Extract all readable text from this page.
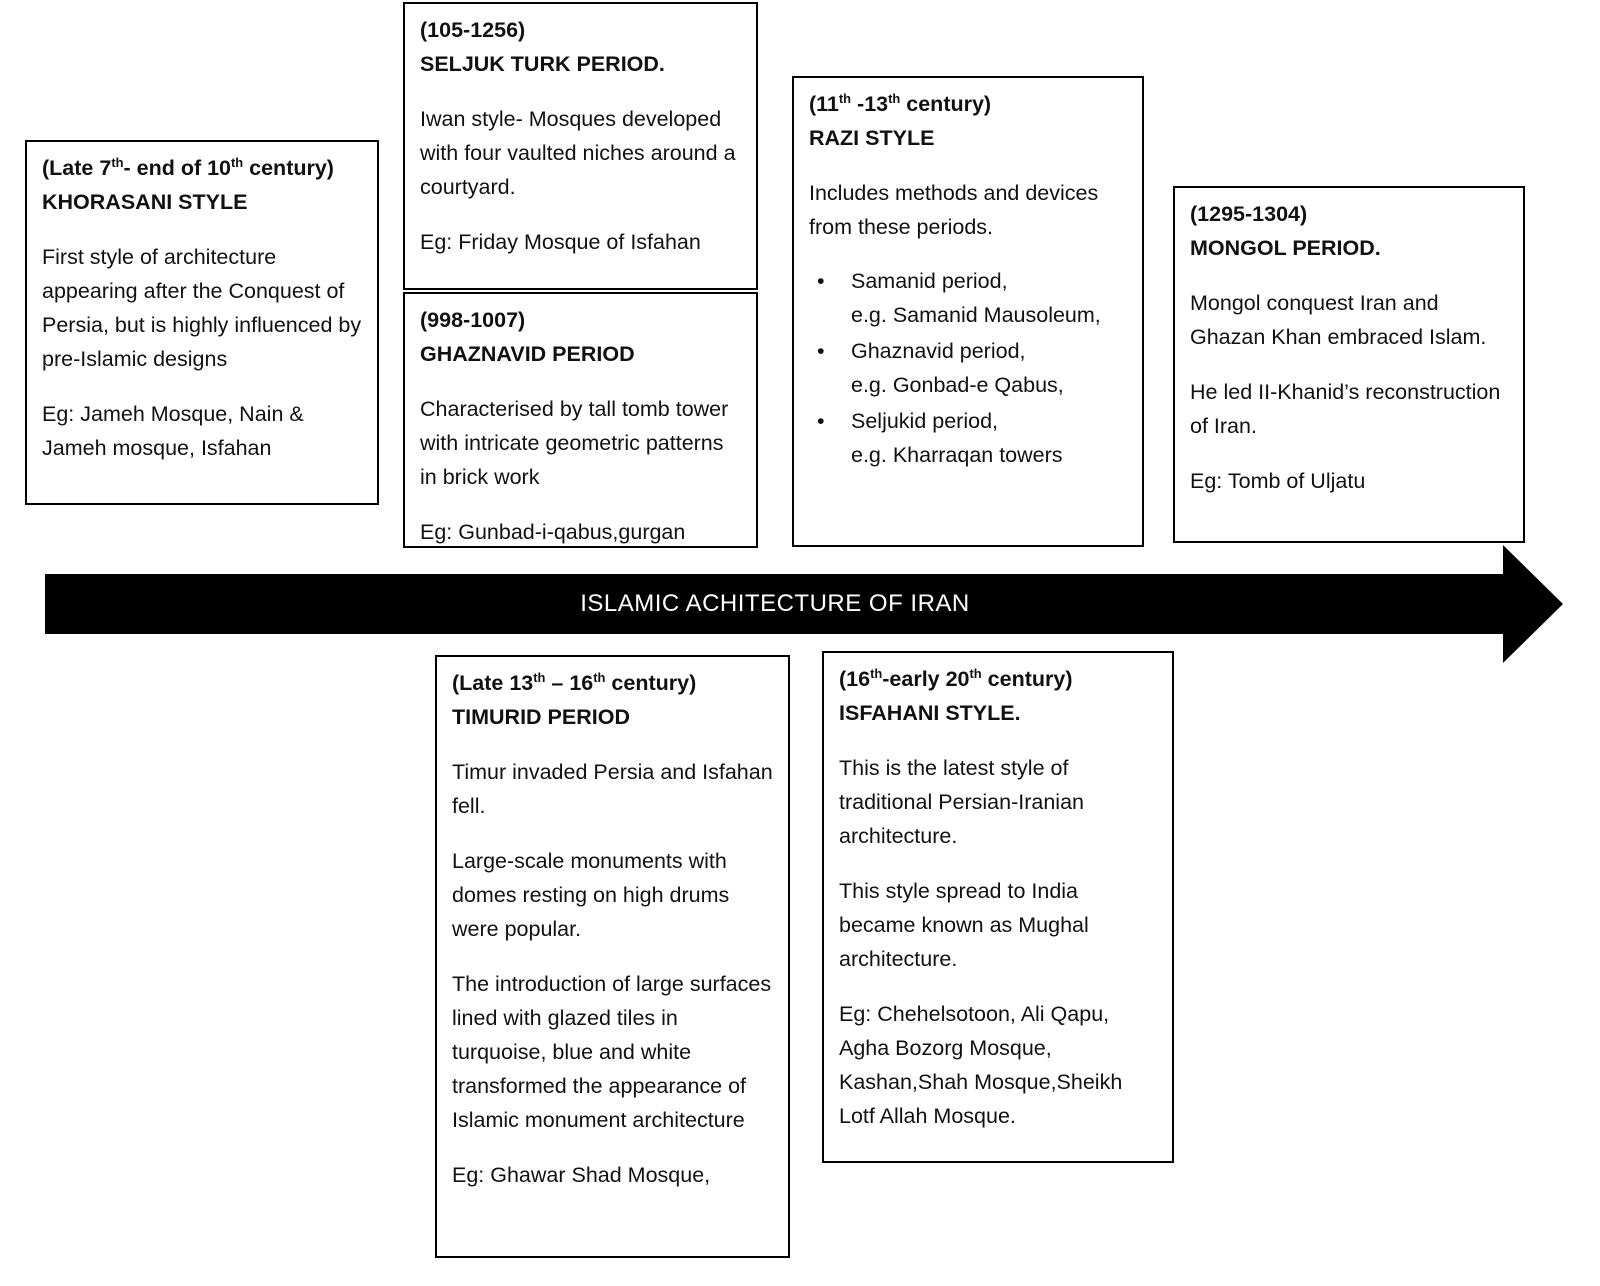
(Late 7th- end of 10th century)

KHORASANI STYLE

First style of architecture appearing after the Conquest of Persia, but is highly influenced by pre-Islamic designs

Eg: Jameh Mosque, Nain & Jameh mosque, Isfahan

(105-1256)

SELJUK TURK PERIOD.

Iwan style- Mosques developed with four vaulted niches around a courtyard.

Eg: Friday Mosque of Isfahan

(998-1007)

GHAZNAVID PERIOD

Characterised by tall tomb tower with intricate geometric patterns in brick work

Eg: Gunbad-i-qabus,gurgan

(11th -13th century)

RAZI STYLE

Includes methods and devices from these periods.

•	Samanid period,
e.g. Samanid Mausoleum,
•	Ghaznavid period,
e.g. Gonbad-e Qabus,
•	Seljukid period,
e.g. Kharraqan towers

(1295-1304)

MONGOL PERIOD.

Mongol conquest Iran and Ghazan Khan embraced Islam.

He led II-Khanid’s reconstruction of Iran.

Eg: Tomb of Uljatu

ISLAMIC ACHITECTURE OF IRAN

(Late 13th – 16th century)

TIMURID PERIOD

Timur invaded Persia and Isfahan fell.

Large-scale monuments with domes resting on high drums were popular.

The introduction of large surfaces lined with glazed tiles in turquoise, blue and white transformed the appearance of Islamic monument architecture

Eg: Ghawar Shad Mosque,

(16th-early 20th century)

ISFAHANI STYLE.

This is the latest style of traditional Persian-Iranian architecture.

This style spread to India became known as Mughal architecture.

Eg: Chehelsotoon, Ali Qapu, Agha Bozorg Mosque, Kashan,Shah Mosque,Sheikh Lotf Allah Mosque.
